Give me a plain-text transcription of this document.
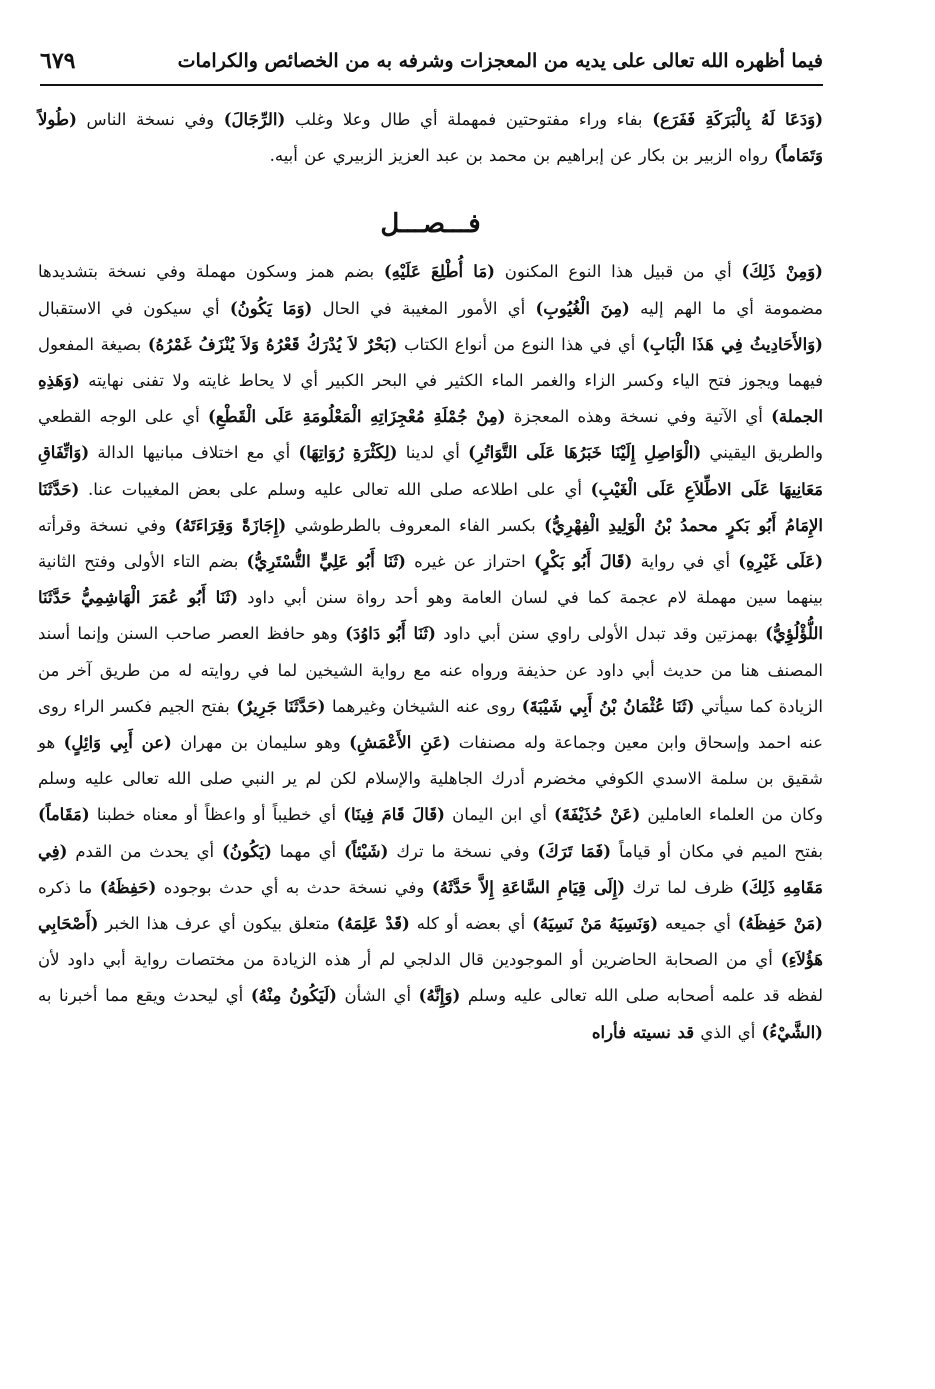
فيما أظهره الله تعالى على يديه من المعجزات وشرفه به من الخصائص والكرامات
٦٧٩

(وَدَعَا لَهُ بِالْبَرَكَةِ فَفَرَع) بفاء وراء مفتوحتين فمهملة أي طال وعلا وغلب (الرِّجَالَ) وفي نسخة الناس (طُولاً وَتَمَاماً) رواه الزبير بن بكار عن إبراهيم بن محمد بن عبد العزيز الزبيري عن أبيه.

فـــصـــل

(وَمِنْ ذَلِكَ) أي من قبيل هذا النوع المكنون (مَا أُطْلِعَ عَلَيْهِ) بضم همز وسكون مهملة وفي نسخة بتشديدها مضمومة أي ما الهم إليه (مِنَ الْغُيُوبِ) أي الأمور المغيبة في الحال (وَمَا يَكُونُ) أي سيكون في الاستقبال (وَالأَحَادِيثُ فِي هَذَا الْبَابِ) أي في هذا النوع من أنواع الكتاب (بَحْرٌ لاَ يُدْرَكُ قَعْرُهُ وَلاَ يُنْزَفُ غَمْرُهُ) بصيغة المفعول فيهما ويجوز فتح الياء وكسر الزاء والغمر الماء الكثير في البحر الكبير أي لا يحاط غايته ولا تفنى نهايته (وَهَذِهِ الجملة) أي الآتية وفي نسخة وهذه المعجزة (مِنْ جُمْلَةِ مُعْجِزَاتِهِ الْمَعْلُومَةِ عَلَى الْقَطْعِ) أي على الوجه القطعي والطريق اليقيني (الْوَاصِلِ إِلَيْنَا خَبَرُهَا عَلَى التَّوَاتُرِ) أي لدينا (لِكَثْرَةِ رُوَاتِهَا) أي مع اختلاف مبانيها الدالة (وَاتِّفَاقِ مَعَانِيهَا عَلَى الاطِّلاَعِ عَلَى الْغَيْبِ) أي على اطلاعه صلى الله تعالى عليه وسلم على بعض المغيبات عنا. (حَدَّثَنَا الإِمَامُ أَبُو بَكرٍ محمدُ بْنُ الْوَلِيدِ الْفِهْرِيُّ) بكسر الفاء المعروف بالطرطوشي (إِجَازَةً وَقِرَاءَتَهُ) وفي نسخة وقرأته (عَلَى غَيْرِهِ) أي في رواية (قَالَ أَبُو بَكْرٍ) احتراز عن غيره (ثَنَا أَبُو عَلِيٍّ التُّسْتَرِيُّ) بضم التاء الأولى وفتح الثانية بينهما سين مهملة لام عجمة كما في لسان العامة وهو أحد رواة سنن أبي داود (ثَنَا أَبُو عُمَرَ الْهَاشِمِيُّ حَدَّثَنَا اللُّؤْلُؤِيُّ) بهمزتين وقد تبدل الأولى راوي سنن أبي داود (ثَنَا أَبُو دَاوُدَ) وهو حافظ العصر صاحب السنن وإنما أسند المصنف هنا من حديث أبي داود عن حذيفة ورواه عنه مع رواية الشيخين لما في روايته له من طريق آخر من الزيادة كما سيأتي (ثَنَا عُثْمَانُ بْنُ أَبِي شَيْبَةَ) روى عنه الشيخان وغيرهما (حَدَّثَنَا جَرِيرٌ) بفتح الجيم فكسر الراء روى عنه احمد وإسحاق وابن معين وجماعة وله مصنفات (عَنِ الأَعْمَشِ) وهو سليمان بن مهران (عن أَبِي وَائِلٍ) هو شقيق بن سلمة الاسدي الكوفي مخضرم أدرك الجاهلية والإسلام لكن لم ير النبي صلى الله تعالى عليه وسلم وكان من العلماء العاملين (عَنْ حُذَيْفَةَ) أي ابن اليمان (قَالَ قَامَ فِينَا) أي خطيباً أو واعظاً أو معناه خطبنا (مَقَاماً) بفتح الميم في مكان أو قياماً (فَمَا تَرَكَ) وفي نسخة ما ترك (شَيْئاً) أي مهما (يَكُونُ) أي يحدث من القدم (فِي مَقَامِهِ ذَلِكَ) ظرف لما ترك (إِلَى قِيَامِ السَّاعَةِ إِلاَّ حَدَّثَهُ) وفي نسخة حدث به أي حدث بوجوده (حَفِظَهُ) ما ذكره (مَنْ حَفِظَهُ) أي جميعه (وَنَسِيَهُ مَنْ نَسِيَهُ) أي بعضه أو كله (قَدْ عَلِمَهُ) متعلق بيكون أي عرف هذا الخبر (أَصْحَابِي هَؤُلاَءِ) أي من الصحابة الحاضرين أو الموجودين قال الدلجي لم أر هذه الزيادة من مختصات رواية أبي داود لأن لفظه قد علمه أصحابه صلى الله تعالى عليه وسلم (وَإِنَّهُ) أي الشأن (لَيَكُونُ مِنْهُ) أي ليحدث ويقع مما أخبرنا به (الشَّيْءُ) أي الذي قد نسيته فأراه
